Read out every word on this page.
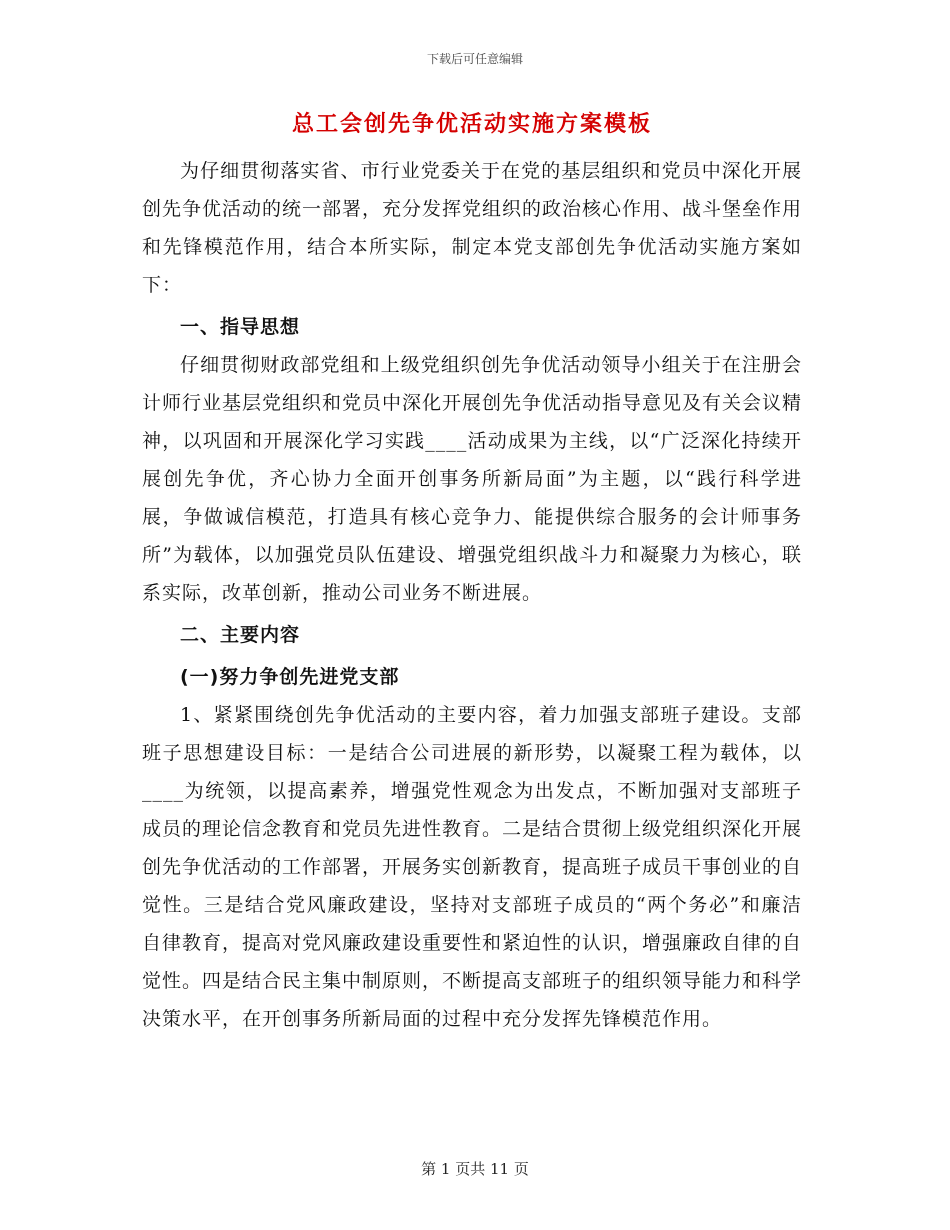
下载后可任意编辑
总工会创先争优活动实施方案模板

为仔细贯彻落实省、市行业党委关于在党的基层组织和党员中深化开展创先争优活动的统一部署，充分发挥党组织的政治核心作用、战斗堡垒作用和先锋模范作用，结合本所实际，制定本党支部创先争优活动实施方案如下：

一、指导思想

仔细贯彻财政部党组和上级党组织创先争优活动领导小组关于在注册会计师行业基层党组织和党员中深化开展创先争优活动指导意见及有关会议精神，以巩固和开展深化学习实践____活动成果为主线，以“广泛深化持续开展创先争优，齐心协力全面开创事务所新局面”为主题，以“践行科学进展，争做诚信模范，打造具有核心竞争力、能提供综合服务的会计师事务所”为载体，以加强党员队伍建设、增强党组织战斗力和凝聚力为核心，联系实际，改革创新，推动公司业务不断进展。

二、主要内容
(一)努力争创先进党支部

1、紧紧围绕创先争优活动的主要内容，着力加强支部班子建设。支部班子思想建设目标：一是结合公司进展的新形势，以凝聚工程为载体，以____为统领，以提高素养，增强党性观念为出发点，不断加强对支部班子成员的理论信念教育和党员先进性教育。二是结合贯彻上级党组织深化开展创先争优活动的工作部署，开展务实创新教育，提高班子成员干事创业的自觉性。三是结合党风廉政建设，坚持对支部班子成员的“两个务必”和廉洁自律教育，提高对党风廉政建设重要性和紧迫性的认识，增强廉政自律的自觉性。四是结合民主集中制原则，不断提高支部班子的组织领导能力和科学决策水平，在开创事务所新局面的过程中充分发挥先锋模范作用。

第 1 页共 11 页
